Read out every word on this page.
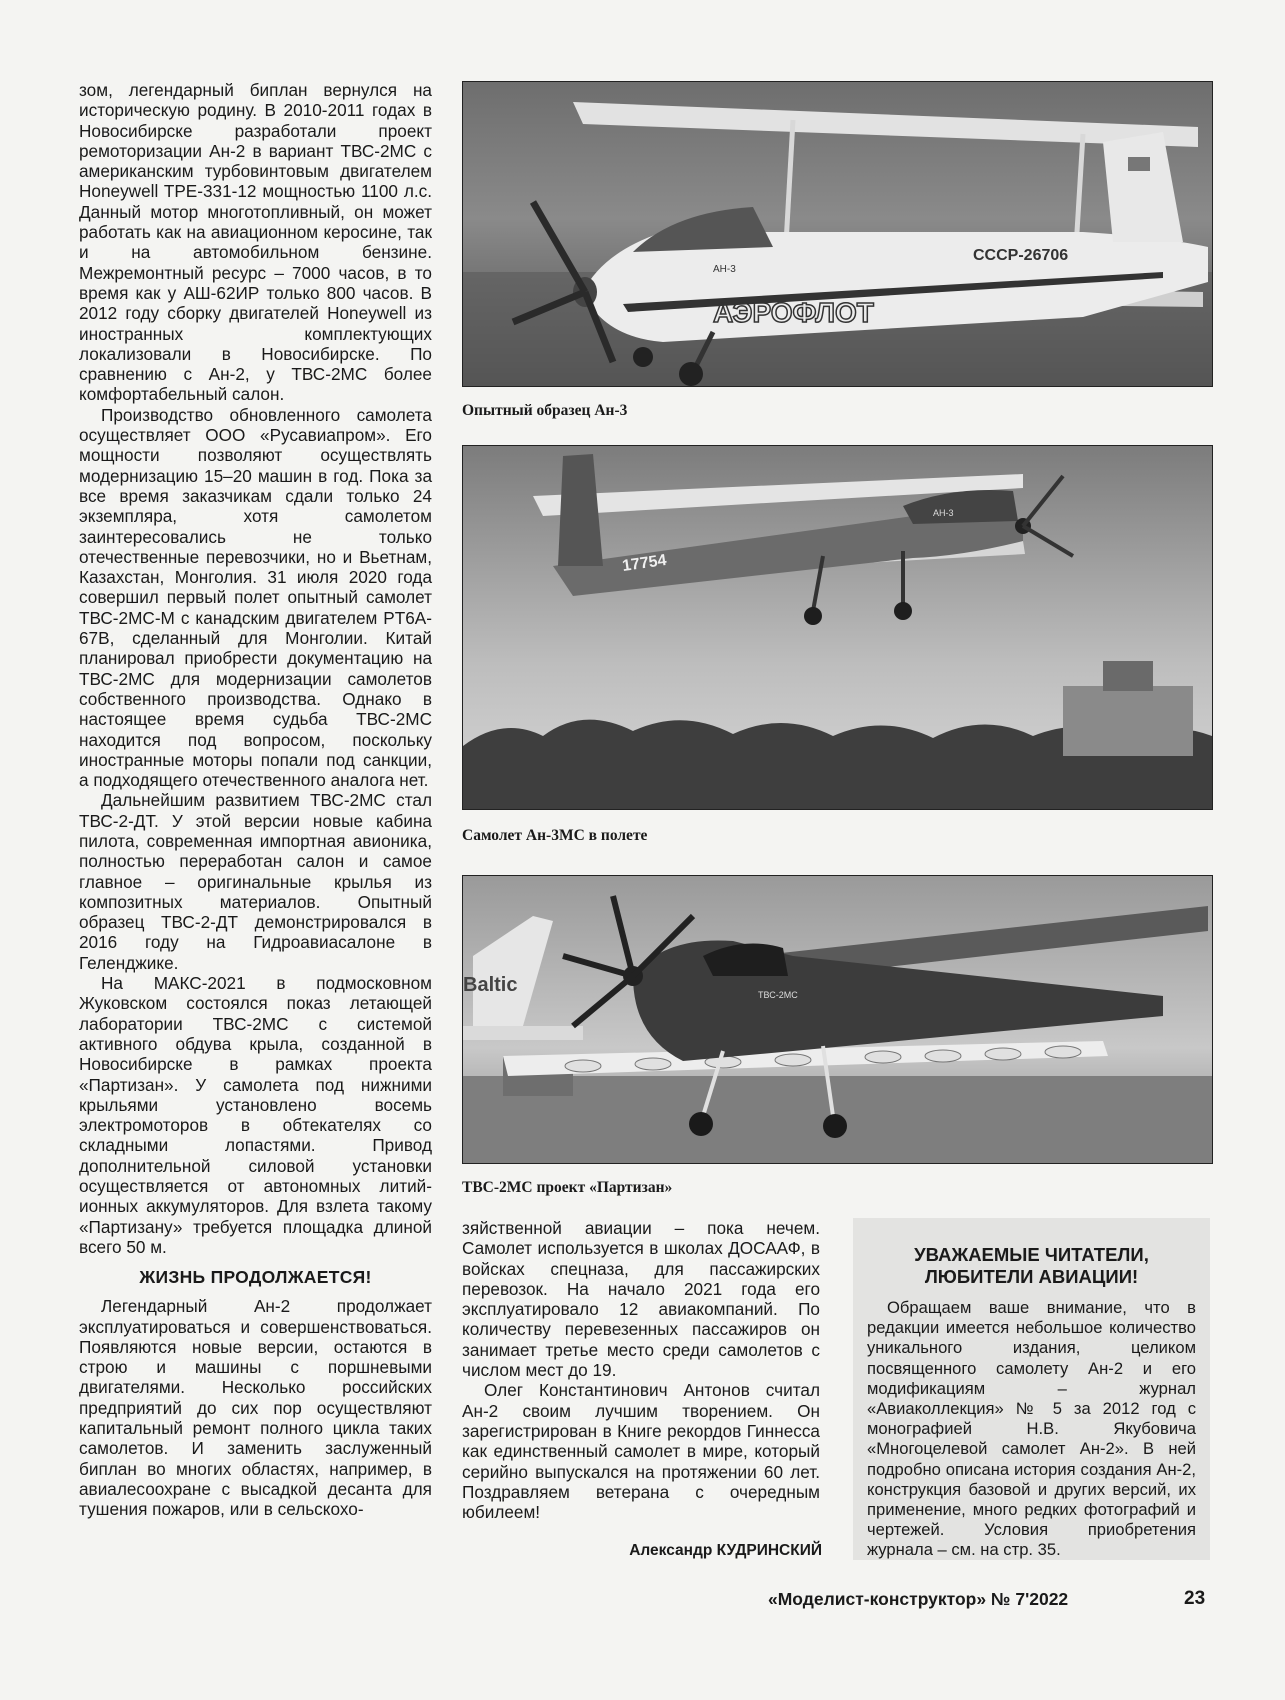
зом, легендарный биплан вернулся на историческую родину. В 2010-2011 годах в Новосибирске разработали проект ремоторизации Ан-2 в вариант ТВС-2МС с американским турбовинтовым двигателем Honeywell TPE-331-12 мощностью 1100 л.с. Данный мотор многотопливный, он может работать как на авиационном керосине, так и на автомобильном бензине. Межремонтный ресурс – 7000 часов, в то время как у АШ-62ИР только 800 часов. В 2012 году сборку двигателей Honeywell из иностранных комплектующих локализовали в Новосибирске. По сравнению с Ан-2, у ТВС-2МС более комфортабельный салон.

Производство обновленного самолета осуществляет ООО «Русавиапром». Его мощности позволяют осуществлять модернизацию 15–20 машин в год. Пока за все время заказчикам сдали только 24 экземпляра, хотя самолетом заинтересовались не только отечественные перевозчики, но и Вьетнам, Казахстан, Монголия. 31 июля 2020 года совершил первый полет опытный самолет ТВС-2МС-М с канадским двигателем PT6A-67B, сделанный для Монголии. Китай планировал приобрести документацию на ТВС-2МС для модернизации самолетов собственного производства. Однако в настоящее время судьба ТВС-2МС находится под вопросом, поскольку иностранные моторы попали под санкции, а подходящего отечественного аналога нет.

Дальнейшим развитием ТВС-2МС стал ТВС-2-ДТ. У этой версии новые кабина пилота, современная импортная авионика, полностью переработан салон и самое главное – оригинальные крылья из композитных материалов. Опытный образец ТВС-2-ДТ демонстрировался в 2016 году на Гидроавиасалоне в Геленджике.

На МАКС-2021 в подмосковном Жуковском состоялся показ летающей лаборатории ТВС-2МС с системой активного обдува крыла, созданной в Новосибирске в рамках проекта «Партизан». У самолета под нижними крыльями установлено восемь электромоторов в обтекателях со складными лопастями. Привод дополнительной силовой установки осуществляется от автономных литий-ионных аккумуляторов. Для взлета такому «Партизану» требуется площадка длиной всего 50 м.

ЖИЗНЬ ПРОДОЛЖАЕТСЯ!

Легендарный Ан-2 продолжает эксплуатироваться и совершенствоваться. Появляются новые версии, остаются в строю и машины с поршневыми двигателями. Несколько российских предприятий до сих пор осуществляют капитальный ремонт полного цикла таких самолетов. И заменить заслуженный биплан во многих областях, например, в авиалесоохране с высадкой десанта для тушения пожаров, или в сельскохо-

АН-3
СССР-26706
АЭРОФЛОТ
Опытный образец Ан-3
17754
АН-3
Самолет Ан-3МС в полете
Baltic	ТВС-2МС
ТВС-2МС проект «Партизан»

зяйственной авиации – пока нечем. Самолет используется в школах ДОСААФ, в войсках спецназа, для пассажирских перевозок. На начало 2021 года его эксплуатировало 12 авиакомпаний. По количеству перевезенных пассажиров он занимает третье место среди самолетов с числом мест до 19.

Олег Константинович Антонов считал Ан-2 своим лучшим творением. Он зарегистрирован в Книге рекордов Гиннесса как единственный самолет в мире, который серийно выпускался на протяжении 60 лет. Поздравляем ветерана с очередным юбилеем!

Александр КУДРИНСКИЙ
УВАЖАЕМЫЕ ЧИТАТЕЛИ,
ЛЮБИТЕЛИ АВИАЦИИ!

Обращаем ваше внимание, что в редакции имеется небольшое количество уникального издания, целиком посвященного самолету Ан-2 и его модификациям – журнал «Авиаколлекция» № 5 за 2012 год с монографией Н.В. Якубовича «Многоцелевой самолет Ан-2». В ней подробно описана история создания Ан-2, конструкция базовой и других версий, их применение, много редких фотографий и чертежей. Условия приобретения журнала – см. на стр. 35.

«Моделист-конструктор» № 7'2022	23
